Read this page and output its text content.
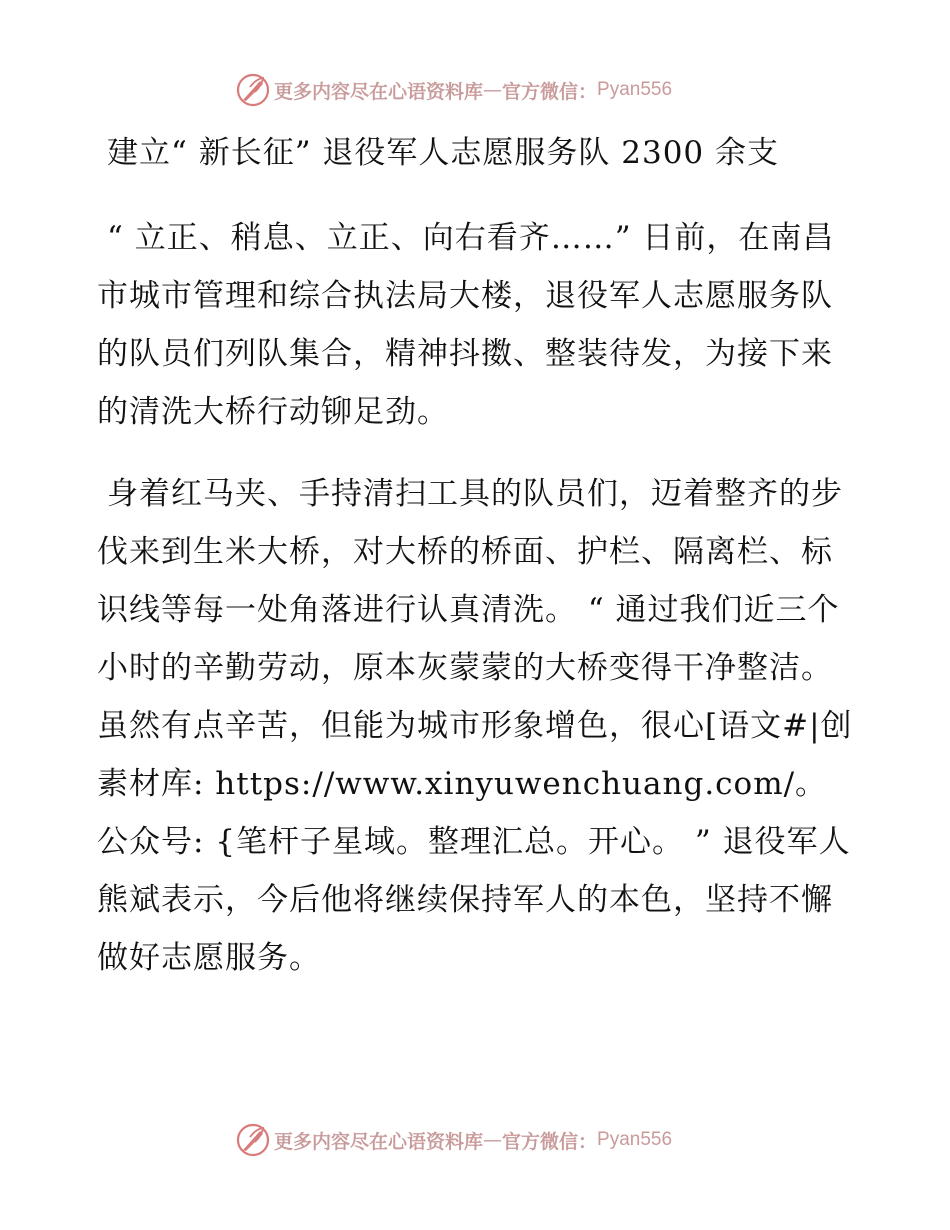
更多内容尽在心语资料库 — 官方微信： Pyan556
建立“ 新长征” 退役军人志愿服务队 2300 余支

“ 立正、稍息、立正、向右看齐……” 日前，在南昌市城市管理和综合执法局大楼，退役军人志愿服务队的队员们列队集合，精神抖擞、整装待发，为接下来的清洗大桥行动铆足劲。

身着红马夹、手持清扫工具的队员们，迈着整齐的步伐来到生米大桥，对大桥的桥面、护栏、隔离栏、标识线等每一处角落进行认真清洗。 “ 通过我们近三个小时的辛勤劳动，原本灰蒙蒙的大桥变得干净整洁。虽然有点辛苦，但能为城市形象增色，很心[语文#|创素材库: https://www.xinyuwenchuang.com/。公众号: {笔杆子星域。整理汇总。开心。 ” 退役军人熊斌表示，今后他将继续保持军人的本色，坚持不懈做好志愿服务。

更多内容尽在心语资料库 — 官方微信： Pyan556
